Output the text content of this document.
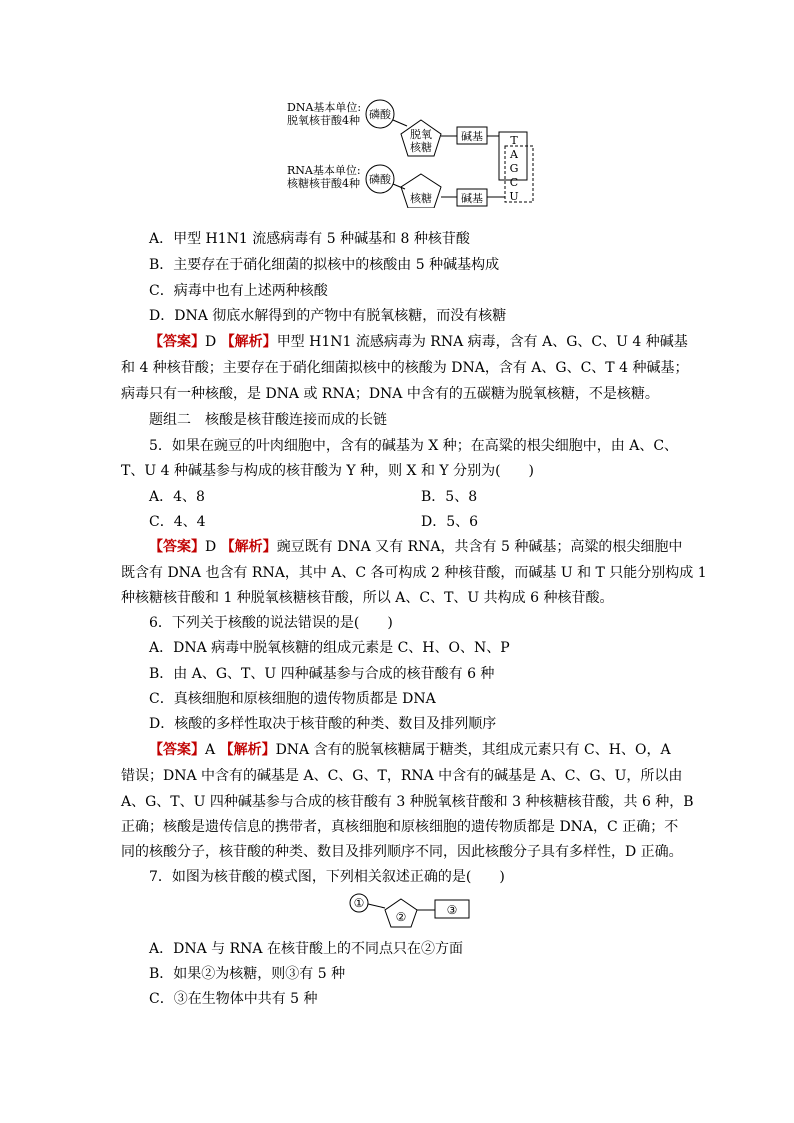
DNA基本单位:
脱氧核苷酸4种 磷酸
脱氧
核糖
碱基 T
A
G
C
U
RNA基本单位:
核糖核苷酸4种 磷酸
核糖	碱基
A．甲型 H1N1 流感病毒有 5 种碱基和 8 种核苷酸
B．主要存在于硝化细菌的拟核中的核酸由 5 种碱基构成
C．病毒中也有上述两种核酸
D．DNA 彻底水解得到的产物中有脱氧核糖，而没有核糖
【答案】D 【解析】甲型 H1N1 流感病毒为 RNA 病毒，含有 A、G、C、U 4 种碱基
和 4 种核苷酸；主要存在于硝化细菌拟核中的核酸为 DNA，含有 A、G、C、T 4 种碱基；
病毒只有一种核酸，是 DNA 或 RNA；DNA 中含有的五碳糖为脱氧核糖，不是核糖。
题组二　核酸是核苷酸连接而成的长链
5．如果在豌豆的叶肉细胞中，含有的碱基为 X 种；在高粱的根尖细胞中，由 A、C、
T、U 4 种碱基参与构成的核苷酸为 Y 种，则 X 和 Y 分别为(　　)
A．4、8	B．5、8
C．4、4	D．5、6
【答案】D 【解析】豌豆既有 DNA 又有 RNA，共含有 5 种碱基；高粱的根尖细胞中
既含有 DNA 也含有 RNA，其中 A、C 各可构成 2 种核苷酸，而碱基 U 和 T 只能分别构成 1
种核糖核苷酸和 1 种脱氧核糖核苷酸，所以 A、C、T、U 共构成 6 种核苷酸。
6．下列关于核酸的说法错误的是(　　)
A．DNA 病毒中脱氧核糖的组成元素是 C、H、O、N、P
B．由 A、G、T、U 四种碱基参与合成的核苷酸有 6 种
C．真核细胞和原核细胞的遗传物质都是 DNA
D．核酸的多样性取决于核苷酸的种类、数目及排列顺序
【答案】A 【解析】DNA 含有的脱氧核糖属于糖类，其组成元素只有 C、H、O，A
错误；DNA 中含有的碱基是 A、C、G、T，RNA 中含有的碱基是 A、C、G、U，所以由
A、G、T、U 四种碱基参与合成的核苷酸有 3 种脱氧核苷酸和 3 种核糖核苷酸，共 6 种，B
正确；核酸是遗传信息的携带者，真核细胞和原核细胞的遗传物质都是 DNA，C 正确；不
同的核酸分子，核苷酸的种类、数目及排列顺序不同，因此核酸分子具有多样性，D 正确。
7．如图为核苷酸的模式图，下列相关叙述正确的是(　　)
①
②	③
A．DNA 与 RNA 在核苷酸上的不同点只在②方面
B．如果②为核糖，则③有 5 种
C．③在生物体中共有 5 种
